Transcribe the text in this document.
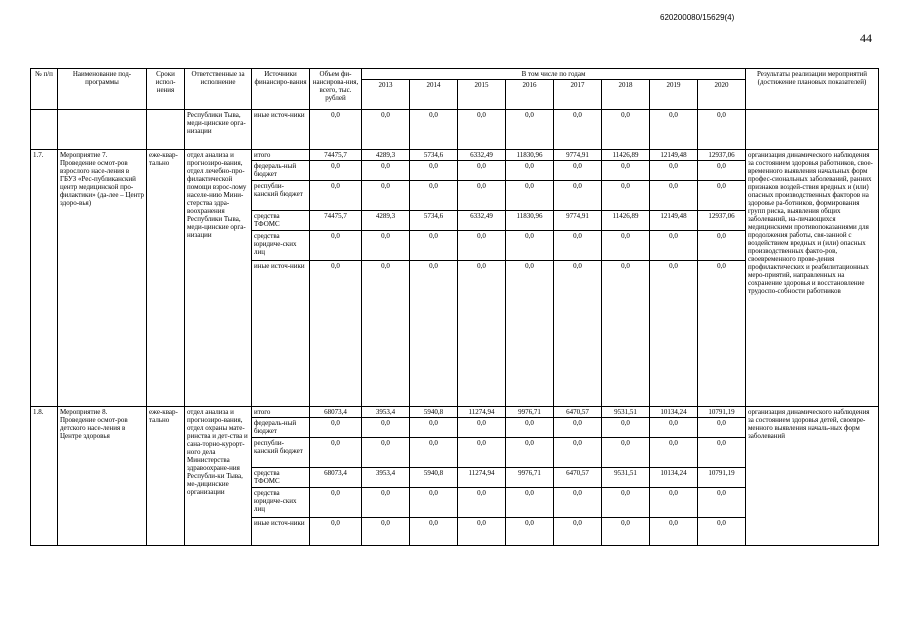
620200080/15629(4)
44
№ п/п	Наименование под-программы	Сроки испол-нения	Ответственные за исполнение	Источники финансиро-вания	Объем фи-нансирова-ния, всего, тыс. рублей	В том числе по годам								Результаты реализации мероприятий (достижение плановых показателей)
						2013	2014	2015	2016	2017	2018	2019	2020	
			Республики Тыва, меди-цинские орга-низации	иные источ-ники	0,0	0,0	0,0	0,0	0,0	0,0	0,0	0,0	0,0	
1.7.	Мероприятие 7. Проведение осмот-ров взрослого насе-ления в ГБУЗ «Рес-публиканский центр медицинской про-филактики» (да-лее – Центр здоро-вья)	еже-квар-тально	отдел анализа и прогнозиро-вания, отдел лечебно-про-филактической помощи взрос-лому населе-нию Мини-стерства здра-воохранения Республики Тыва, меди-цинские орга-низации	итого	74475,7	4289,3	5734,6	6332,49	11830,96	9774,91	11426,89	12149,48	12937,06	организация динамического наблюдения за состоянием здоровья работников, свое-временного выявления начальных форм профес-сиональных заболеваний, ранних признаков воздей-ствия вредных и (или) опасных производственных факторов на здоровье ра-ботников, формирования групп риска, выявления общих заболеваний, на-личающихся медицинскими противопоказаниями для продолжения работы, свя-занной с воздействием вредных и (или) опасных производственных факто-ров, своевременного прове-дения профилактических и реабилитационных меро-приятий, направленных на сохранение здоровья и восстановление трудоспо-собности работников
				федераль-ный бюджет	0,0	0,0	0,0	0,0	0,0	0,0	0,0	0,0	0,0	
				республи-канский бюджет	0,0	0,0	0,0	0,0	0,0	0,0	0,0	0,0	0,0	
				средства ТФОМС	74475,7	4289,3	5734,6	6332,49	11830,96	9774,91	11426,89	12149,48	12937,06	
				средства юридиче-ских лиц	0,0	0,0	0,0	0,0	0,0	0,0	0,0	0,0	0,0	
				иные источ-ники	0,0	0,0	0,0	0,0	0,0	0,0	0,0	0,0	0,0	
1.8.	Мероприятие 8. Проведение осмот-ров детского насе-ления в Центре здоровья	еже-квар-тально	отдел анализа и прогнозиро-вания, отдел охраны мате-ринства и дет-ства и сана-торно-курорт-ного дела Министерства здравоохране-ния Республи-ки Тыва, ме-дицинские организации	итого	68073,4	3953,4	5940,8	11274,94	9976,71	6470,57	9531,51	10134,24	10791,19	организация динамического наблюдения за состоянием здоровья детей, своевре-менного выявления началь-ных форм заболеваний
				федераль-ный бюджет	0,0	0,0	0,0	0,0	0,0	0,0	0,0	0,0	0,0	
				республи-канский бюджет	0,0	0,0	0,0	0,0	0,0	0,0	0,0	0,0	0,0	
				средства ТФОМС	68073,4	3953,4	5940,8	11274,94	9976,71	6470,57	9531,51	10134,24	10791,19	
				средства юридиче-ских лиц	0,0	0,0	0,0	0,0	0,0	0,0	0,0	0,0	0,0	
				иные источ-ники	0,0	0,0	0,0	0,0	0,0	0,0	0,0	0,0	0,0	
